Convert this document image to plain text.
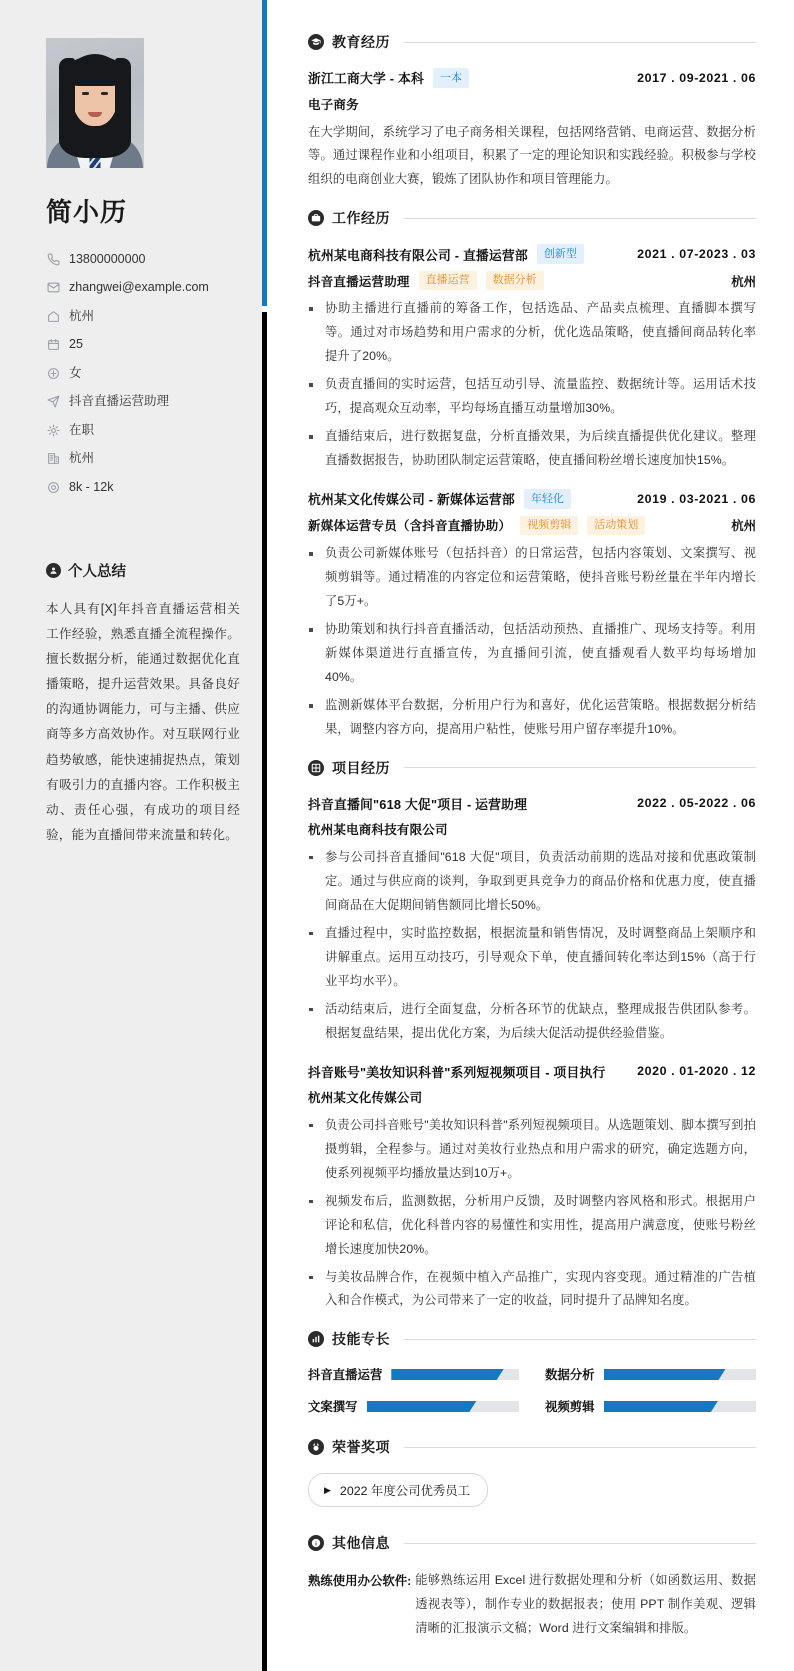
简小历
13800000000
zhangwei@example.com
杭州
25
女
抖音直播运营助理
在职
杭州
8k - 12k
个人总结
本人具有[X]年抖音直播运营相关工作经验，熟悉直播全流程操作。擅长数据分析，能通过数据优化直播策略，提升运营效果。具备良好的沟通协调能力，可与主播、供应商等多方高效协作。对互联网行业趋势敏感，能快速捕捉热点，策划有吸引力的直播内容。工作积极主动、责任心强，有成功的项目经验，能为直播间带来流量和转化。
教育经历
浙江工商大学 - 本科	一本	2017 . 09-2021 . 06
电子商务
在大学期间，系统学习了电子商务相关课程，包括网络营销、电商运营、数据分析等。通过课程作业和小组项目，积累了一定的理论知识和实践经验。积极参与学校组织的电商创业大赛，锻炼了团队协作和项目管理能力。
工作经历
杭州某电商科技有限公司 - 直播运营部	创新型	2021 . 07-2023 . 03
抖音直播运营助理	直播运营	数据分析	杭州
协助主播进行直播前的筹备工作，包括选品、产品卖点梳理、直播脚本撰写等。通过对市场趋势和用户需求的分析，优化选品策略，使直播间商品转化率提升了20%。
负责直播间的实时运营，包括互动引导、流量监控、数据统计等。运用话术技巧，提高观众互动率，平均每场直播互动量增加30%。
直播结束后，进行数据复盘，分析直播效果，为后续直播提供优化建议。整理直播数据报告，协助团队制定运营策略，使直播间粉丝增长速度加快15%。
杭州某文化传媒公司 - 新媒体运营部	年轻化	2019 . 03-2021 . 06
新媒体运营专员（含抖音直播协助）	视频剪辑	活动策划	杭州
负责公司新媒体账号（包括抖音）的日常运营，包括内容策划、文案撰写、视频剪辑等。通过精准的内容定位和运营策略，使抖音账号粉丝量在半年内增长了5万+。
协助策划和执行抖音直播活动，包括活动预热、直播推广、现场支持等。利用新媒体渠道进行直播宣传，为直播间引流，使直播观看人数平均每场增加40%。
监测新媒体平台数据，分析用户行为和喜好，优化运营策略。根据数据分析结果，调整内容方向，提高用户粘性，使账号用户留存率提升10%。
项目经历
抖音直播间"618 大促"项目 - 运营助理	2022 . 05-2022 . 06
杭州某电商科技有限公司
参与公司抖音直播间"618 大促"项目，负责活动前期的选品对接和优惠政策制定。通过与供应商的谈判，争取到更具竞争力的商品价格和优惠力度，使直播间商品在大促期间销售额同比增长50%。
直播过程中，实时监控数据，根据流量和销售情况，及时调整商品上架顺序和讲解重点。运用互动技巧，引导观众下单，使直播间转化率达到15%（高于行业平均水平）。
活动结束后，进行全面复盘，分析各环节的优缺点，整理成报告供团队参考。根据复盘结果，提出优化方案，为后续大促活动提供经验借鉴。
抖音账号"美妆知识科普"系列短视频项目 - 项目执行	2020 . 01-2020 . 12
杭州某文化传媒公司
负责公司抖音账号"美妆知识科普"系列短视频项目。从选题策划、脚本撰写到拍摄剪辑，全程参与。通过对美妆行业热点和用户需求的研究，确定选题方向，使系列视频平均播放量达到10万+。
视频发布后，监测数据，分析用户反馈，及时调整内容风格和形式。根据用户评论和私信，优化科普内容的易懂性和实用性，提高用户满意度，使账号粉丝增长速度加快20%。
与美妆品牌合作，在视频中植入产品推广，实现内容变现。通过精准的广告植入和合作模式，为公司带来了一定的收益，同时提升了品牌知名度。
技能专长
抖音直播运营	数据分析
文案撰写	视频剪辑
荣誉奖项
▶ 2022 年度公司优秀员工
其他信息
熟练使用办公软件: 能够熟练运用 Excel 进行数据处理和分析（如函数运用、数据透视表等），制作专业的数据报表；使用 PPT 制作美观、逻辑清晰的汇报演示文稿；Word 进行文案编辑和排版。
